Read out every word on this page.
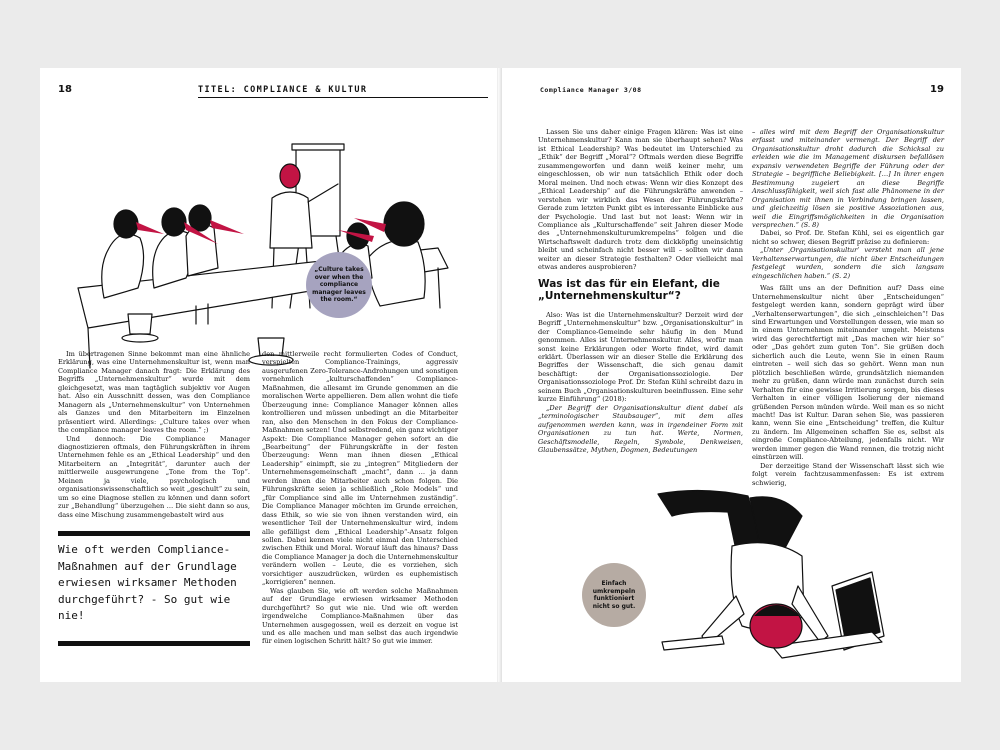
18	TITEL: COMPLIANCE & KULTUR
„Culture takes over when the compliance manager leaves the room.“

Im übertragenen Sinne bekommt man eine ähnliche Erklärung, was eine Unternehmenskultur ist, wenn man Compliance Manager danach fragt: Die Erklärung des Begriffs „Unternehmenskultur“ wurde mit dem gleichgesetzt, was man tagtäglich subjektiv vor Augen hat. Also ein Ausschnitt dessen, was den Compliance Managern als „Unternehmenskultur“ von Unternehmen als Ganzes und den Mitarbeitern im Einzelnen präsentiert wird. Allerdings: „Culture takes over when the compliance manager leaves the room.“ ;)

Und dennoch: Die Compliance Manager diagnostizieren oftmals, den Führungskräften in ihrem Unternehmen fehle es an „Ethical Leadership“ und den Mitarbeitern an „Integrität“, darunter auch der mittlerweile ausgewrungene „Tone from the Top“. Meinen ja viele, psychologisch und organisationswissenschaftlich so weit „geschult“ zu sein, um so eine Diagnose stellen zu können und dann sofort zur „Behandlung“ überzugehen … Die sieht dann so aus, dass eine Mischung zusammengebastelt wird aus

Wie oft werden Compliance-Maßnahmen auf der Grundlage erwiesen wirksamer Methoden durchgeführt? - So gut wie nie!

den mittlerweile recht formulierten Codes of Conduct, verspielten Compliance-Trainings, aggressiv ausgerufenen Zero-Tolerance-Androhungen und sonstigen vornehmlich „kulturschaffenden“ Compliance-Maßnahmen, die allesamt im Grunde genommen an die moralischen Werte appellieren. Dem allen wohnt die tiefe Überzeugung inne: Compliance Manager können alles kontrollieren und müssen unbedingt an die Mitarbeiter ran, also den Menschen in den Fokus der Compliance-Maßnahmen setzen! Und selbstredend, ein ganz wichtiger Aspekt: Die Compliance Manager gehen sofort an die „Bearbeitung“ der Führungskräfte in der festen Überzeugung: Wenn man ihnen diesen „Ethical Leadership“ einimpft, sie zu „integren“ Mitgliedern der Unternehmensgemeinschaft „macht“, dann … ja dann werden ihnen die Mitarbeiter auch schon folgen. Die Führungskräfte seien ja schließlich „Role Models“ und „für Compliance sind alle im Unternehmen zuständig“. Die Compliance Manager möchten im Grunde erreichen, dass Ethik, so wie sie von ihnen verstanden wird, ein wesentlicher Teil der Unternehmenskultur wird, indem alle gefälligst dem „Ethical Leadership“-Ansatz folgen sollen. Dabei kennen viele nicht einmal den Unterschied zwischen Ethik und Moral. Worauf läuft das hinaus? Dass die Compliance Manager ja doch die Unternehmenskultur verändern wollen – Leute, die es vorziehen, sich vorsichtiger auszudrücken, würden es euphemistisch „korrigieren“ nennen.

Was glauben Sie, wie oft werden solche Maßnahmen auf der Grundlage erwiesen wirksamer Methoden durchgeführt? So gut wie nie. Und wie oft werden irgendwelche Compliance-Maßnahmen über das Unternehmen ausgegossen, weil es derzeit en vogue ist und es alle machen und man selbst das auch irgendwie für einen logischen Schritt hält? So gut wie immer.

Compliance Manager 3/08	19

Lassen Sie uns daher einige Fragen klären: Was ist eine Unternehmenskultur? Kann man sie überhaupt sehen? Was ist Ethical Leadership? Was bedeutet im Unterschied zu „Ethik“ der Begriff „Moral“? Oftmals werden diese Begriffe zusammengeworfen und dann weiß keiner mehr, um eingeschlossen, ob wir nun tatsächlich Ethik oder doch Moral meinen. Und noch etwas: Wenn wir dies Konzept des „Ethical Leadership“ auf die Führungskräfte anwenden – verstehen wir wirklich das Wesen der Führungskräfte? Gerade zum letzten Punkt gibt es interessante Einblicke aus der Psychologie. Und last but not least: Wenn wir in Compliance als „Kulturschaffende“ seit Jahren dieser Mode des „Unternehmenskulturumkrempelns“ folgen und die Wirtschaftswelt dadurch trotz dem dickköpfig uneinsichtig bleibt und scheinfach nicht besser will – sollten wir dann weiter an dieser Strategie festhalten? Oder vielleicht mal etwas anderes ausprobieren?

Was ist das für ein Elefant, die „Unternehmenskultur“?

Also: Was ist die Unternehmenskultur? Derzeit wird der Begriff „Unternehmenskultur“ bzw. „Organisationskultur“ in der Compliance-Gemeinde sehr häufig in den Mund genommen. Alles ist Unternehmenskultur. Alles, wofür man sonst keine Erklärungen oder Worte findet, wird damit erklärt. Überlassen wir an dieser Stelle die Erklärung des Begriffes der Wissenschaft, die sich genau damit beschäftigt: der Organisationssoziologie. Der Organisationssoziologe Prof. Dr. Stefan Kühl schreibt dazu in seinem Buch „Organisationskulturen beeinflussen. Eine sehr kurze Einführung“ (2018):

„Der Begriff der Organisationskultur dient dabei als „terminologischer Staubsauger“, mit dem alles aufgenommen werden kann, was in irgendeiner Form mit Organisationen zu tun hat. Werte, Normen, Geschäftsmodelle, Regeln, Symbole, Denkweisen, Glaubenssätze, Mythen, Dogmen, Bedeutungen

– alles wird mit dem Begriff der Organisationskultur erfasst und miteinander vermengt. Der Begriff der Organisationskultur droht dadurch die Schicksal zu erleiden wie die im Management diskursen befallösen expansiv verwendeten Begriffe der Führung oder der Strategie – begriffliche Beliebigkeit. […] In ihrer engen Bestimmung zugeiert an diese Begriffe Anschlussfähigkeit, weil sich fast alle Phänomene in der Organisation mit ihnen in Verbindung bringen lassen, und gleichzeitig lösen sie positive Assoziationen aus, weil die Eingriffsmöglichkeiten in die Organisation versprechen.“ (S. 8)

Dabei, so Prof. Dr. Stefan Kühl, sei es eigentlich gar nicht so schwer, diesen Begriff präzise zu definieren:

„Unter ‚Organisationskultur‘ versteht man all jene Verhaltenserwartungen, die nicht über Entscheidungen festgelegt wurden, sondern die sich langsam eingeschlichen haben.“ (S. 2)

Was fällt uns an der Definition auf? Dass eine Unternehmenskultur nicht über „Entscheidungen“ festgelegt werden kann, sondern geprägt wird über „Verhaltenserwartungen“, die sich „einschleichen“! Das sind Erwartungen und Vorstellungen dessen, wie man so in einem Unternehmen miteinander umgeht. Meistens wird das gerechtfertigt mit „Das machen wir hier so“ oder „Das gehört zum guten Ton“. Sie grüßen doch sicherlich auch die Leute, wenn Sie in einen Raum eintreten – weil sich das so gehört. Wenn man nun plötzlich beschließen würde, grundsätzlich niemanden mehr zu grüßen, dann würde man zunächst durch sein Verhalten für eine gewisse Irritierung sorgen, bis dieses Verhalten in einer völligen Isolierung der niemand grüßenden Person münden würde. Weil man es so nicht macht! Das ist Kultur. Daran sehen Sie, was passieren kann, wenn Sie eine „Entscheidung“ treffen, die Kultur zu ändern. Im Allgemeinen schaffen Sie es, selbst als eingroße Compliance-Abteilung, jedenfalls nicht. Wir werden immer gegen die Wand rennen, die trotzig nicht einstürzen will.

Der derzeitige Stand der Wissenschaft lässt sich wie folgt verein fachtzusammenfassen: Es ist extrem schwierig,

Einfach umkrempeln funktioniert nicht so gut.
